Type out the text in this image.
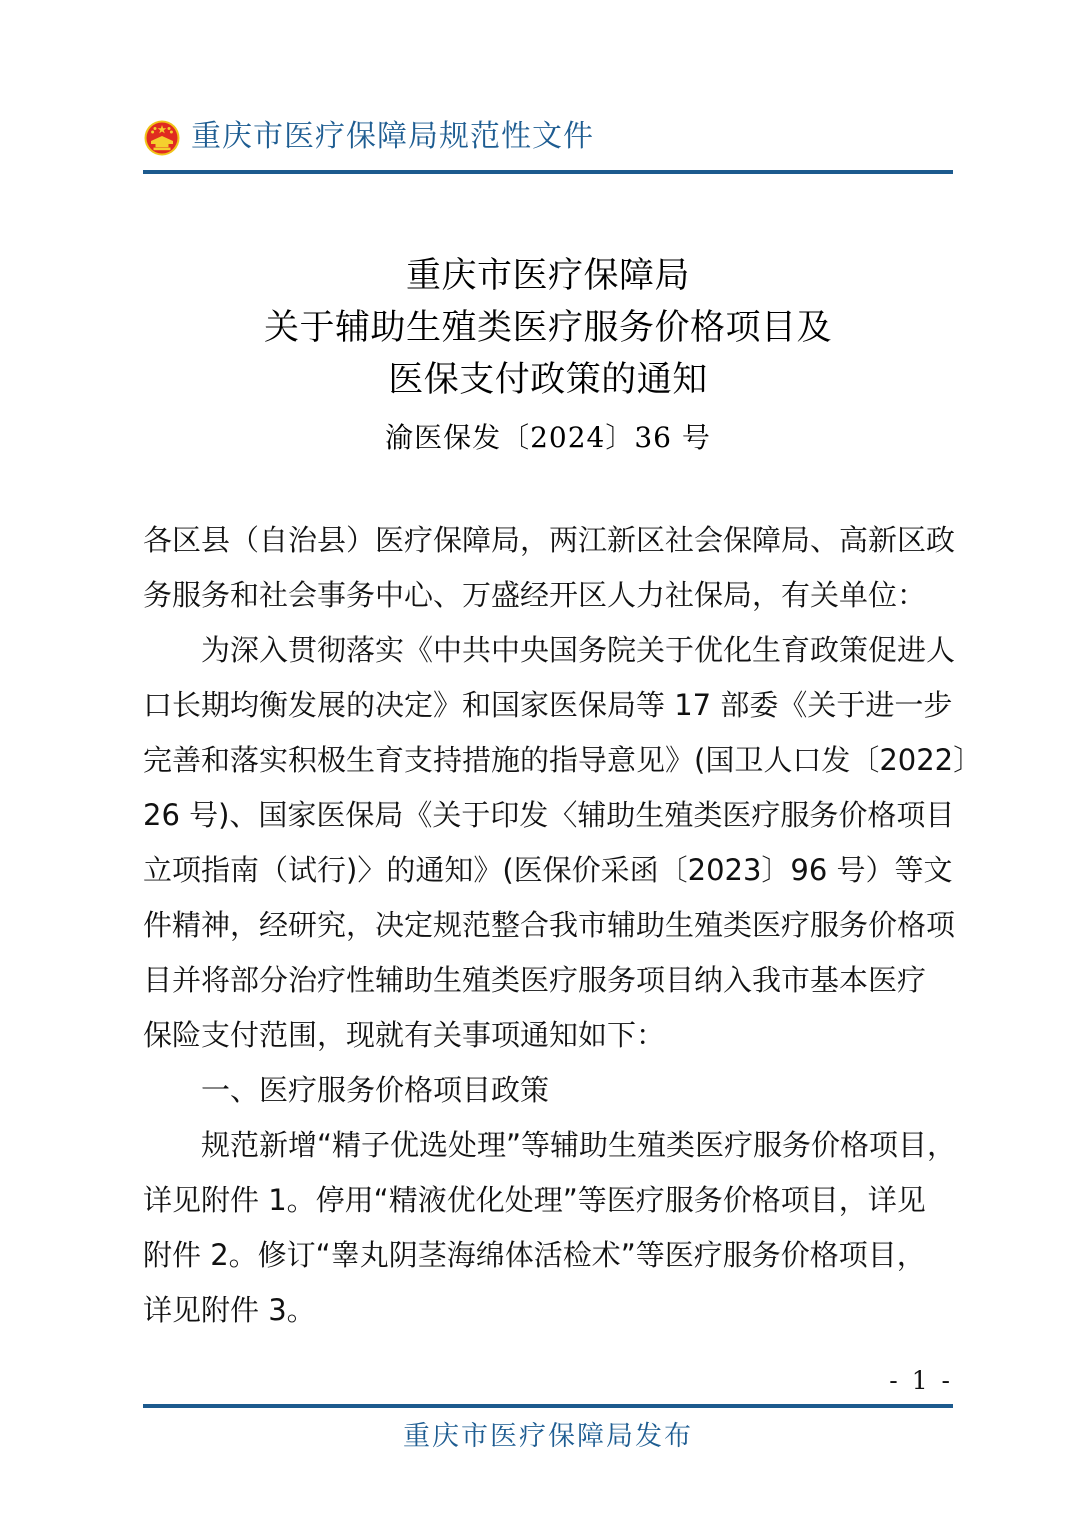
重庆市医疗保障局规范性文件
重庆市医疗保障局
关于辅助生殖类医疗服务价格项目及
医保支付政策的通知
渝医保发〔2024〕36 号
各区县（自治县）医疗保障局，两江新区社会保障局、高新区政
务服务和社会事务中心、万盛经开区人力社保局，有关单位：
为深入贯彻落实《中共中央国务院关于优化生育政策促进人
口长期均衡发展的决定》和国家医保局等 17 部委《关于进一步
完善和落实积极生育支持措施的指导意见》(国卫人口发〔2022〕
26 号)、国家医保局《关于印发〈辅助生殖类医疗服务价格项目
立项指南（试行)〉的通知》(医保价采函〔2023〕96 号）等文
件精神，经研究，决定规范整合我市辅助生殖类医疗服务价格项
目并将部分治疗性辅助生殖类医疗服务项目纳入我市基本医疗
保险支付范围，现就有关事项通知如下：
一、医疗服务价格项目政策
规范新增“精子优选处理”等辅助生殖类医疗服务价格项目，
详见附件 1。停用“精液优化处理”等医疗服务价格项目，详见
附件 2。修订“睾丸阴茎海绵体活检术”等医疗服务价格项目，
详见附件 3。
- 1 -
重庆市医疗保障局发布
